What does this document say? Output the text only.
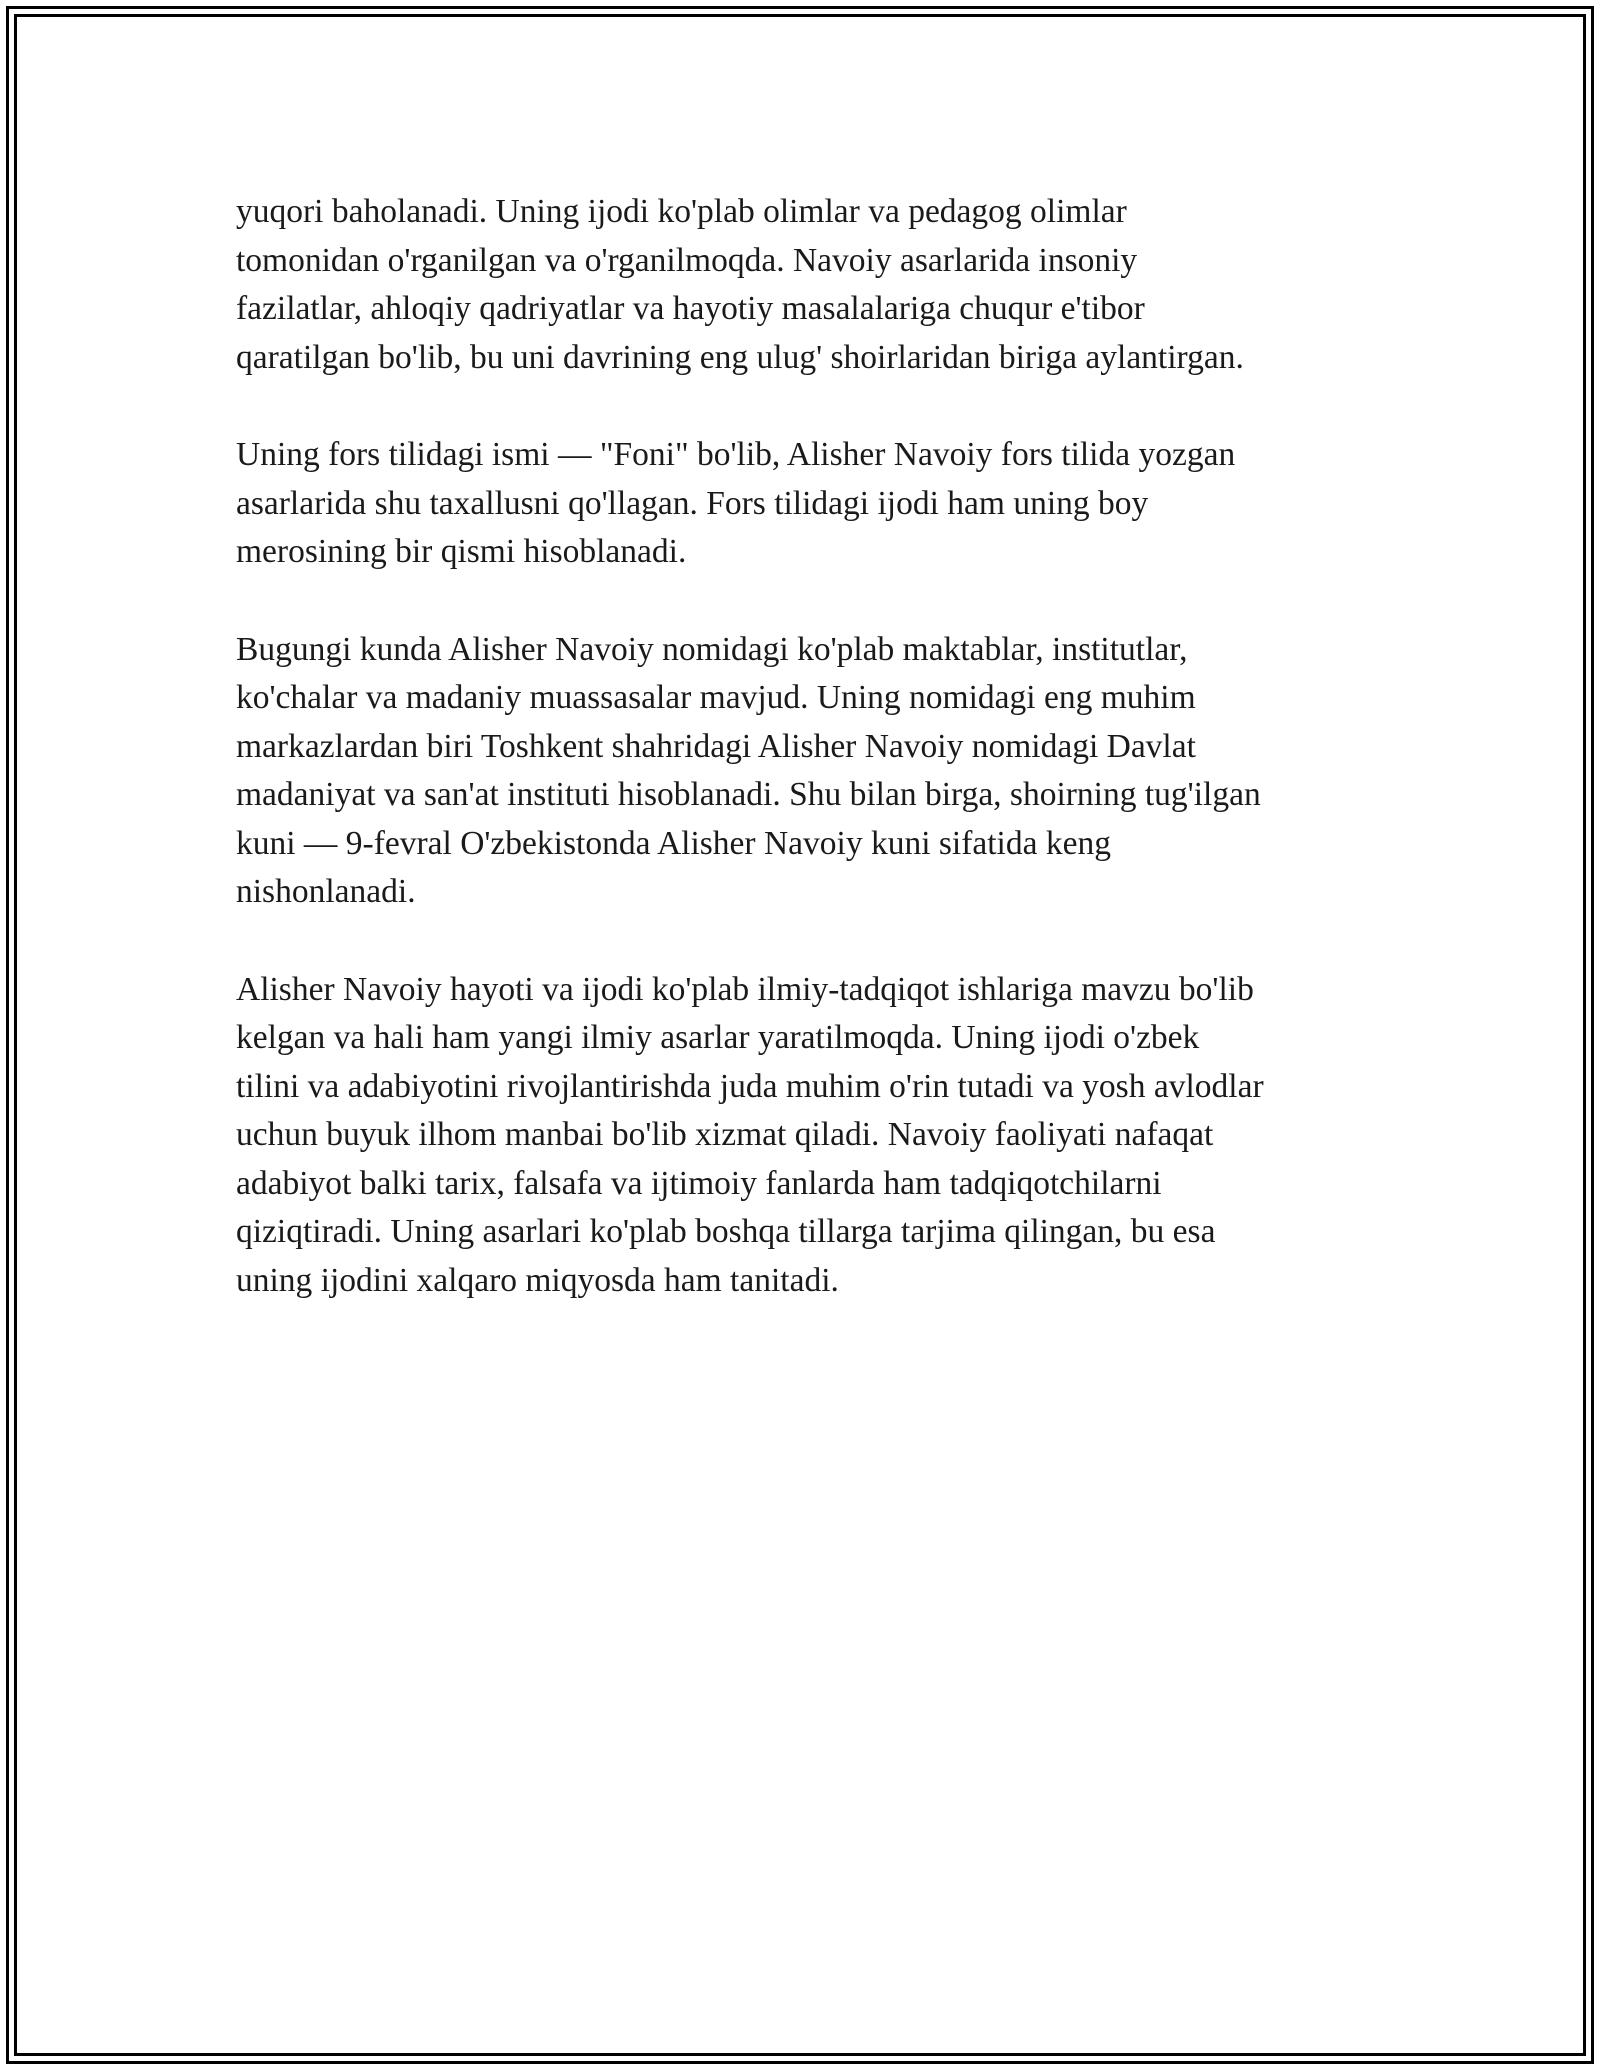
yuqori baholanadi. Uning ijodi ko'plab olimlar va pedagog olimlar
tomonidan o'rganilgan va o'rganilmoqda. Navoiy asarlarida insoniy
fazilatlar, ahloqiy qadriyatlar va hayotiy masalalariga chuqur e'tibor
qaratilgan bo'lib, bu uni davrining eng ulug' shoirlaridan biriga aylantirgan.

Uning fors tilidagi ismi — "Foni" bo'lib, Alisher Navoiy fors tilida yozgan
asarlarida shu taxallusni qo'llagan. Fors tilidagi ijodi ham uning boy
merosining bir qismi hisoblanadi.

Bugungi kunda Alisher Navoiy nomidagi ko'plab maktablar, institutlar,
ko'chalar va madaniy muassasalar mavjud. Uning nomidagi eng muhim
markazlardan biri Toshkent shahridagi Alisher Navoiy nomidagi Davlat
madaniyat va san'at instituti hisoblanadi. Shu bilan birga, shoirning tug'ilgan
kuni — 9-fevral O'zbekistonda Alisher Navoiy kuni sifatida keng
nishonlanadi.

Alisher Navoiy hayoti va ijodi ko'plab ilmiy-tadqiqot ishlariga mavzu bo'lib
kelgan va hali ham yangi ilmiy asarlar yaratilmoqda. Uning ijodi o'zbek
tilini va adabiyotini rivojlantirishda juda muhim o'rin tutadi va yosh avlodlar
uchun buyuk ilhom manbai bo'lib xizmat qiladi. Navoiy faoliyati nafaqat
adabiyot balki tarix, falsafa va ijtimoiy fanlarda ham tadqiqotchilarni
qiziqtiradi. Uning asarlari ko'plab boshqa tillarga tarjima qilingan, bu esa
uning ijodini xalqaro miqyosda ham tanitadi.
